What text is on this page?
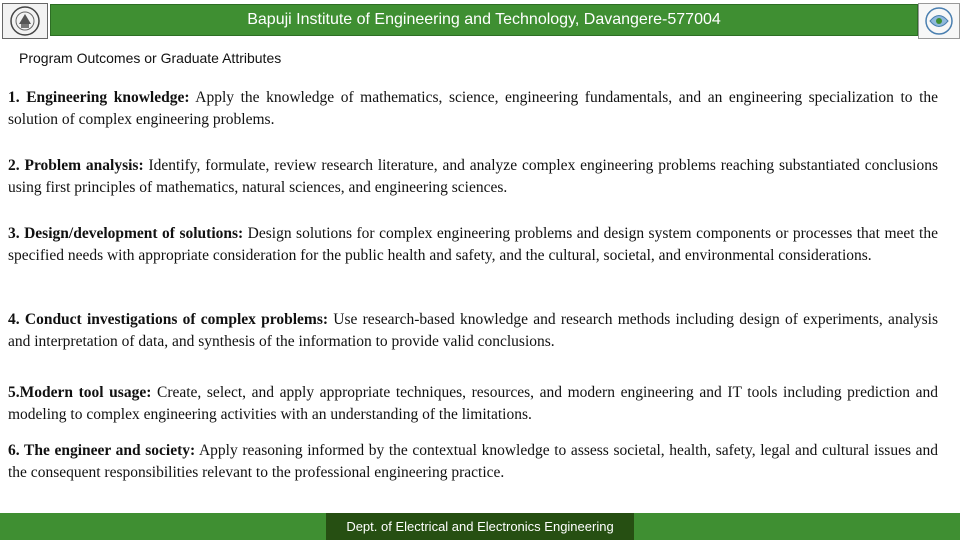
Bapuji Institute of Engineering and Technology, Davangere-577004
Program Outcomes or Graduate Attributes

1. Engineering knowledge: Apply the knowledge of mathematics, science, engineering fundamentals, and an engineering specialization to the solution of complex engineering problems.

2. Problem analysis: Identify, formulate, review research literature, and analyze complex engineering problems reaching substantiated conclusions using first principles of mathematics, natural sciences, and engineering sciences.

3. Design/development of solutions: Design solutions for complex engineering problems and design system components or processes that meet the specified needs with appropriate consideration for the public health and safety, and the cultural, societal, and environmental considerations.

4. Conduct investigations of complex problems: Use research-based knowledge and research methods including design of experiments, analysis and interpretation of data, and synthesis of the information to provide valid conclusions.

5.Modern tool usage: Create, select, and apply appropriate techniques, resources, and modern engineering and IT tools including prediction and modeling to complex engineering activities with an understanding of the limitations.

6. The engineer and society: Apply reasoning informed by the contextual knowledge to assess societal, health, safety, legal and cultural issues and the consequent responsibilities relevant to the professional engineering practice.

Dept. of Electrical and Electronics Engineering
